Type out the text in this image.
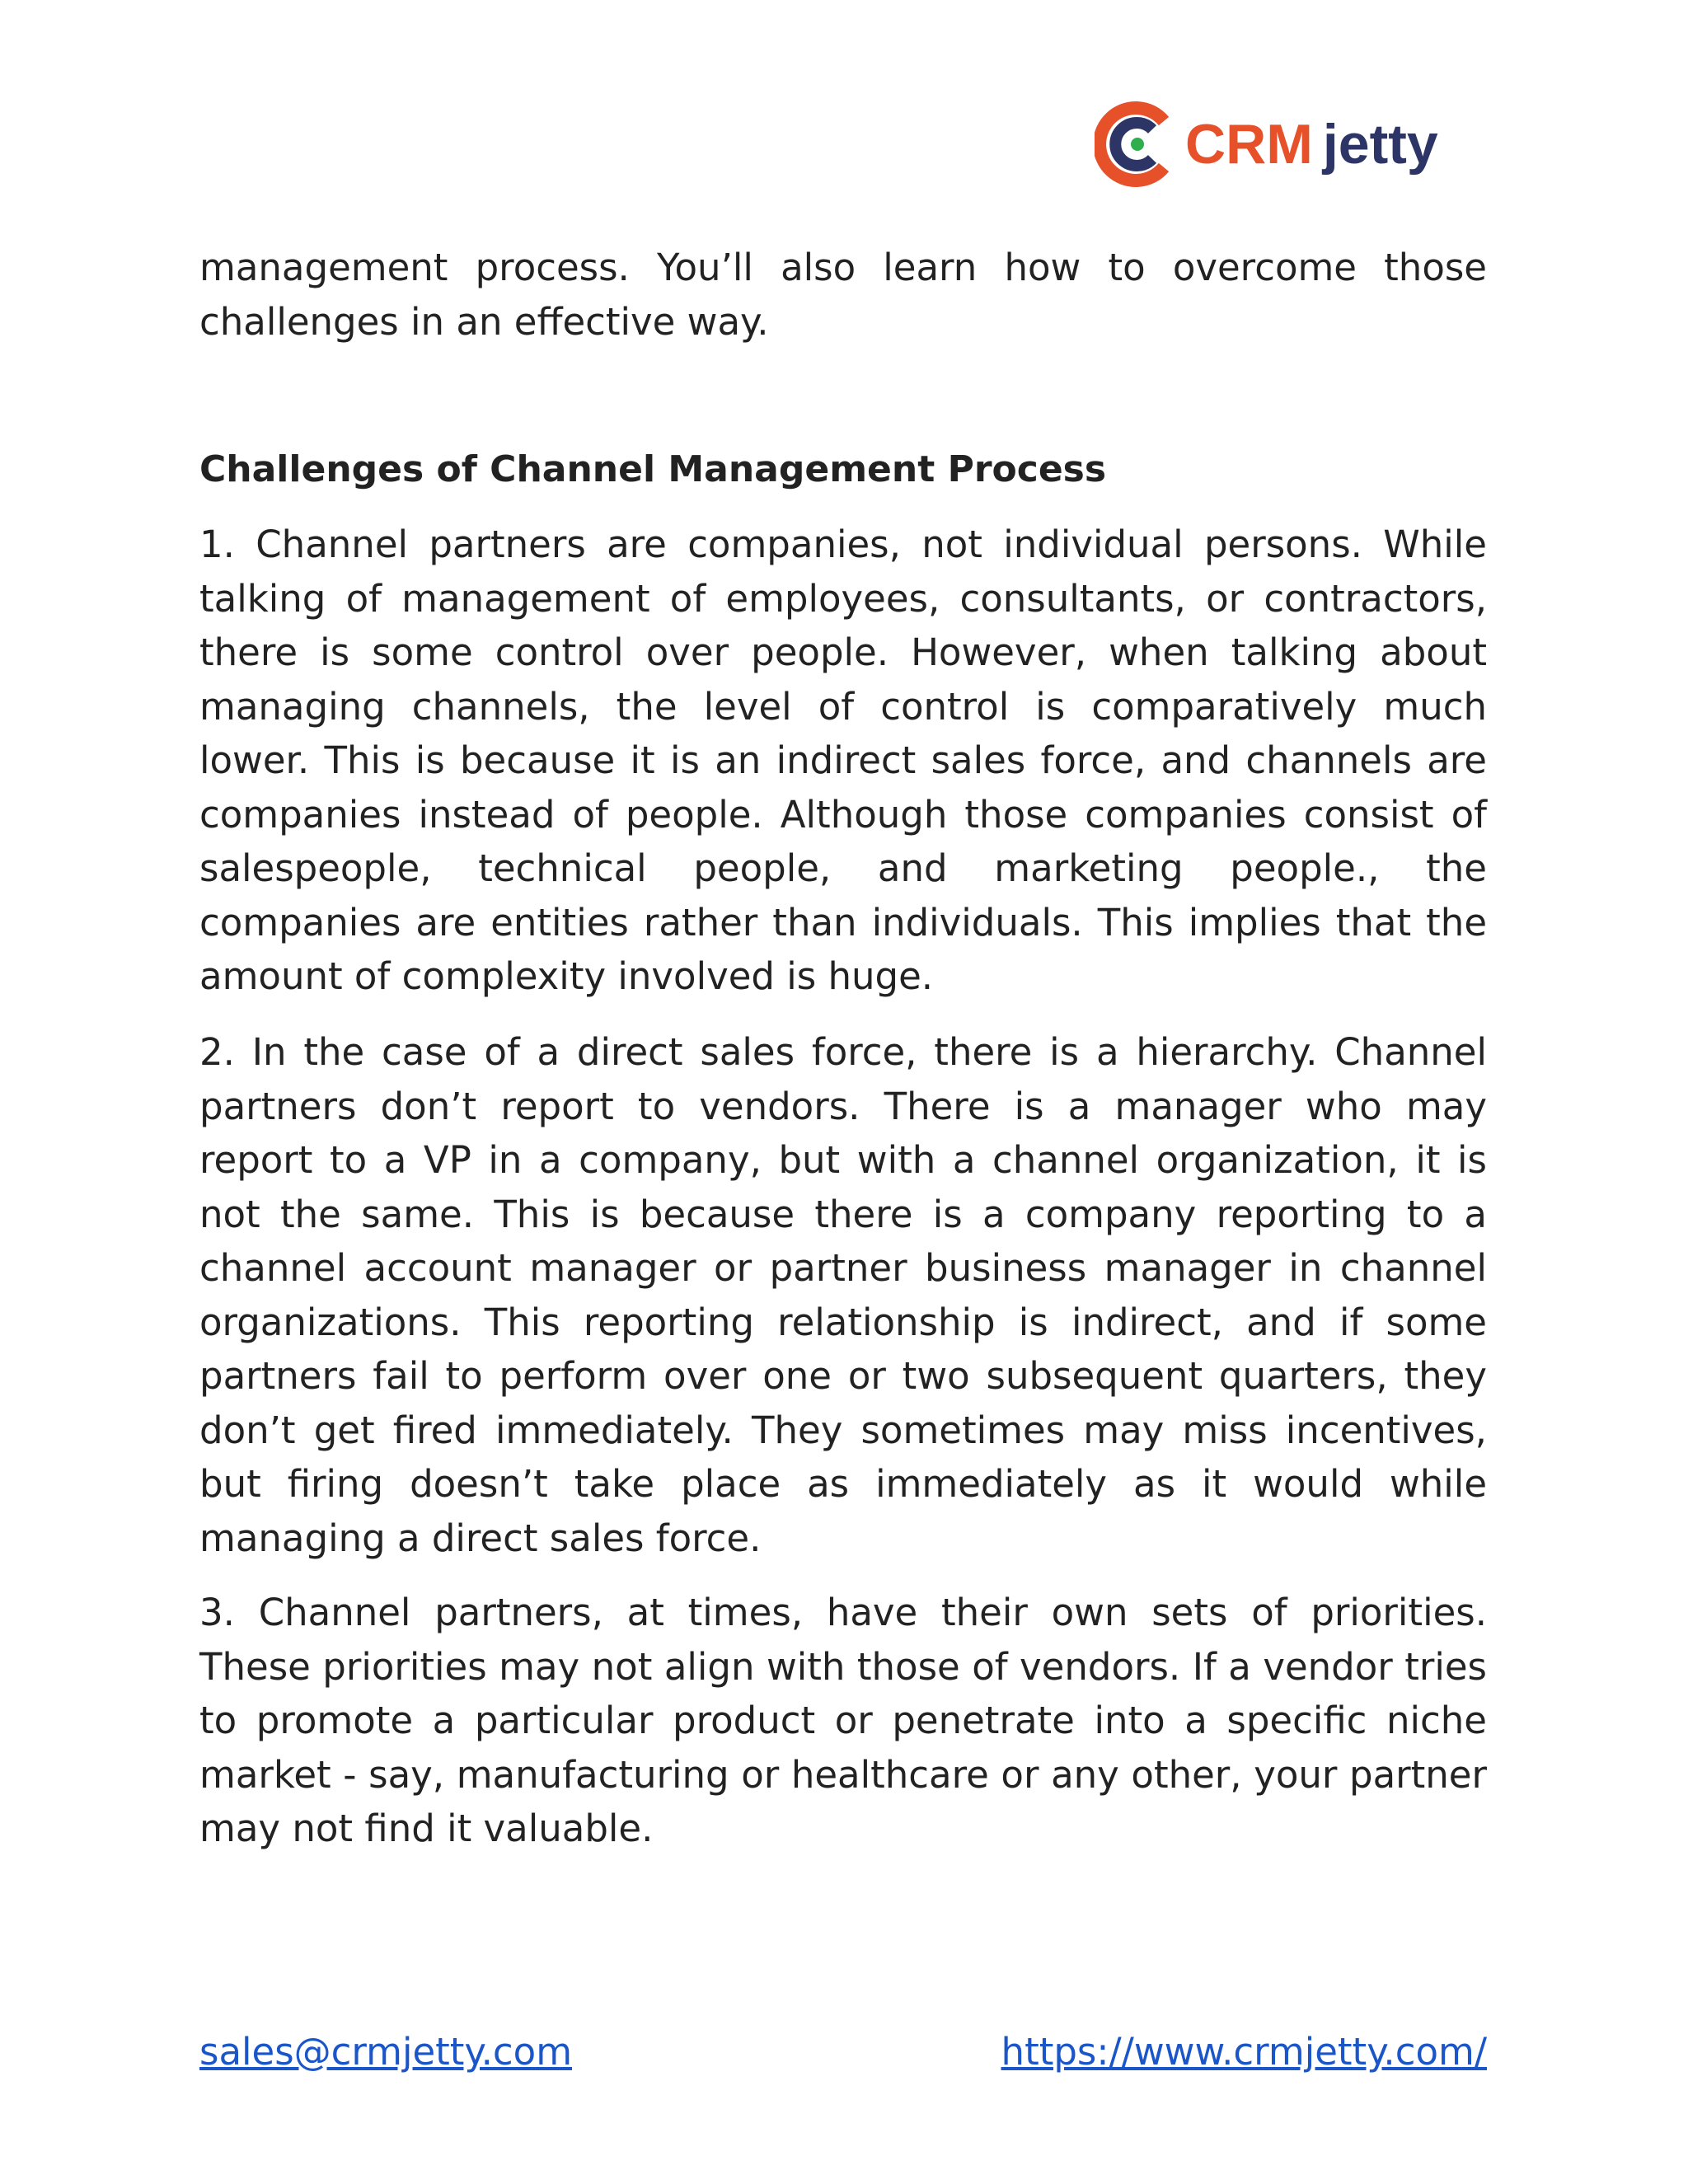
CRM jetty

management process. You’ll also learn how to overcome those challenges in an effective way.

Challenges of Channel Management Process

1. Channel partners are companies, not individual persons. While talking of management of employees, consultants, or contractors, there is some control over people. However, when talking about managing channels, the level of control is comparatively much lower. This is because it is an indirect sales force, and channels are companies instead of people. Although those companies consist of salespeople, technical people, and marketing people., the companies are entities rather than individuals. This implies that the amount of complexity involved is huge.

2. In the case of a direct sales force, there is a hierarchy. Channel partners don’t report to vendors. There is a manager who may report to a VP in a company, but with a channel organization, it is not the same. This is because there is a company reporting to a channel account manager or partner business manager in channel organizations. This reporting relationship is indirect, and if some partners fail to perform over one or two subsequent quarters, they don’t get fired immediately. They sometimes may miss incentives, but firing doesn’t take place as immediately as it would while managing a direct sales force.

3. Channel partners, at times, have their own sets of priorities. These priorities may not align with those of vendors. If a vendor tries to promote a particular product or penetrate into a specific niche market - say, manufacturing or healthcare or any other, your partner may not find it valuable.

sales@crmjetty.com	https://www.crmjetty.com/
